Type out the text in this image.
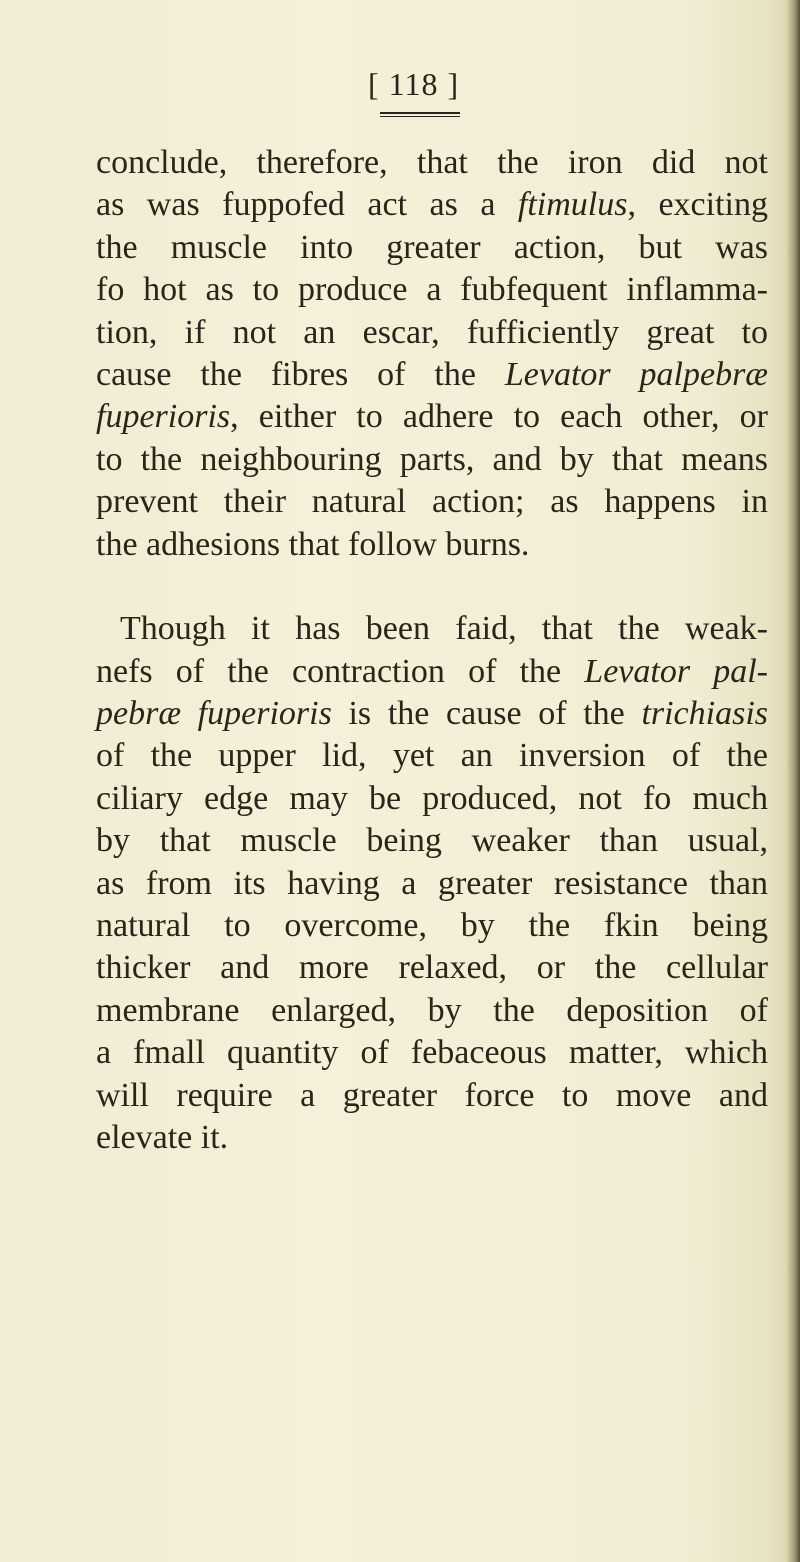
[ 118 ]
conclude, therefore, that the iron did not
as was fuppofed act as a ftimulus, exciting
the muscle into greater action, but was
fo hot as to produce a fubfequent inflamma-
tion, if not an escar, fufficiently great to
cause the fibres of the Levator palpebræ
fuperioris, either to adhere to each other, or
to the neighbouring parts, and by that means
prevent their natural action; as happens in
the adhesions that follow burns.
Though it has been faid, that the weak-
nefs of the contraction of the Levator pal-
pebræ fuperioris is the cause of the trichiasis
of the upper lid, yet an inversion of the
ciliary edge may be produced, not fo much
by that muscle being weaker than usual,
as from its having a greater resistance than
natural to overcome, by the fkin being
thicker and more relaxed, or the cellular
membrane enlarged, by the deposition of
a fmall quantity of febaceous matter, which
will require a greater force to move and
elevate it.
